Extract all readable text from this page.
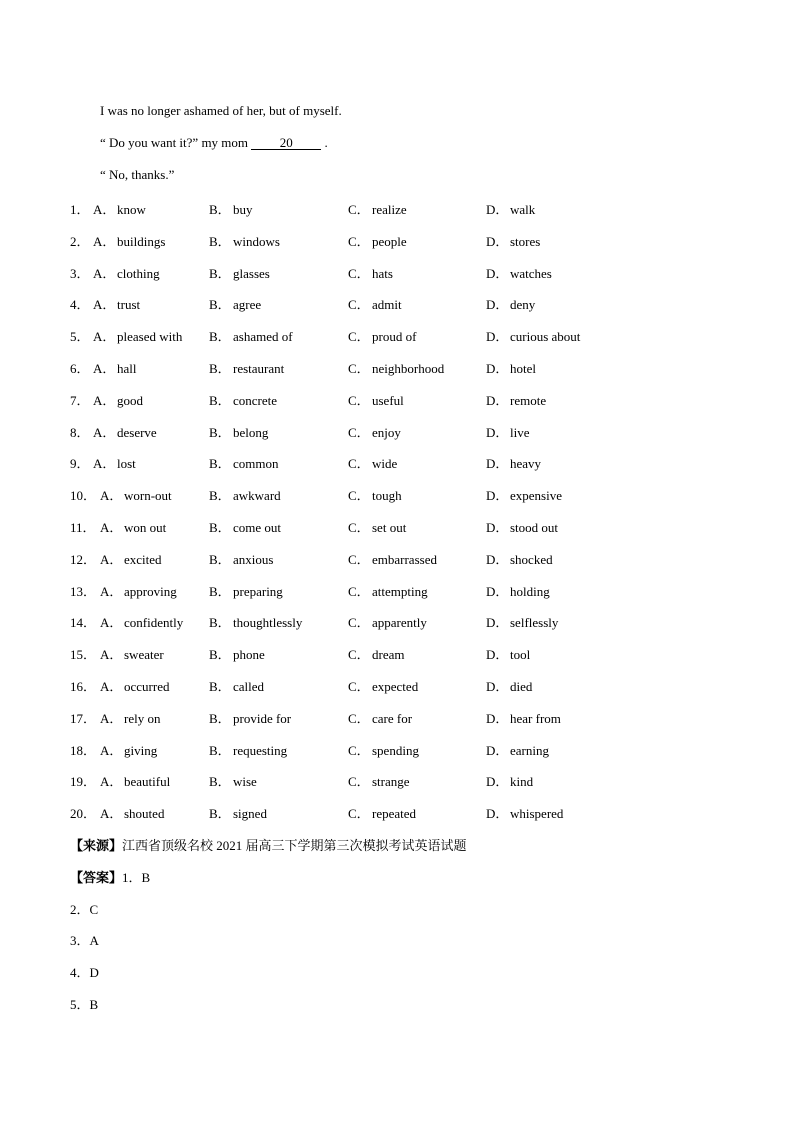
I was no longer ashamed of her, but of myself.
“ Do you want it?” my mom 20 .
“ No, thanks.”
1． A． know	B． buy	C． realize	D． walk
2． A． buildings	B． windows	C． people	D． stores
3． A． clothing	B． glasses	C． hats	D． watches
4． A． trust	B． agree	C． admit	D． deny
5． A． pleased with B． ashamed of	C． proud of	D． curious about
6． A． hall	B． restaurant	C． neighborhood	D． hotel
7． A． good	B． concrete	C． useful	D． remote
8． A． deserve	B． belong	C． enjoy	D． live
9． A． lost	B． common	C． wide	D． heavy
10． A． worn-out	B． awkward	C． tough	D． expensive
11． A． won out	B． come out	C． set out	D． stood out
12． A． excited	B． anxious	C． embarrassed	D． shocked
13． A． approving B． preparing	C． attempting	D． holding
14． A． confidently B． thoughtlessly	C． apparently	D． selflessly
15． A． sweater	B． phone	C． dream	D． tool
16． A． occurred	B． called	C． expected	D． died
17． A． rely on	B． provide for	C． care for	D． hear from
18． A． giving	B． requesting	C． spending	D． earning
19． A． beautiful	B． wise	C． strange	D． kind
20． A． shouted	B． signed	C． repeated	D． whispered
【来源】江西省顶级名校 2021 届高三下学期第三次模拟考试英语试题
【答案】1．B
2．C
3．A
4．D
5．B
